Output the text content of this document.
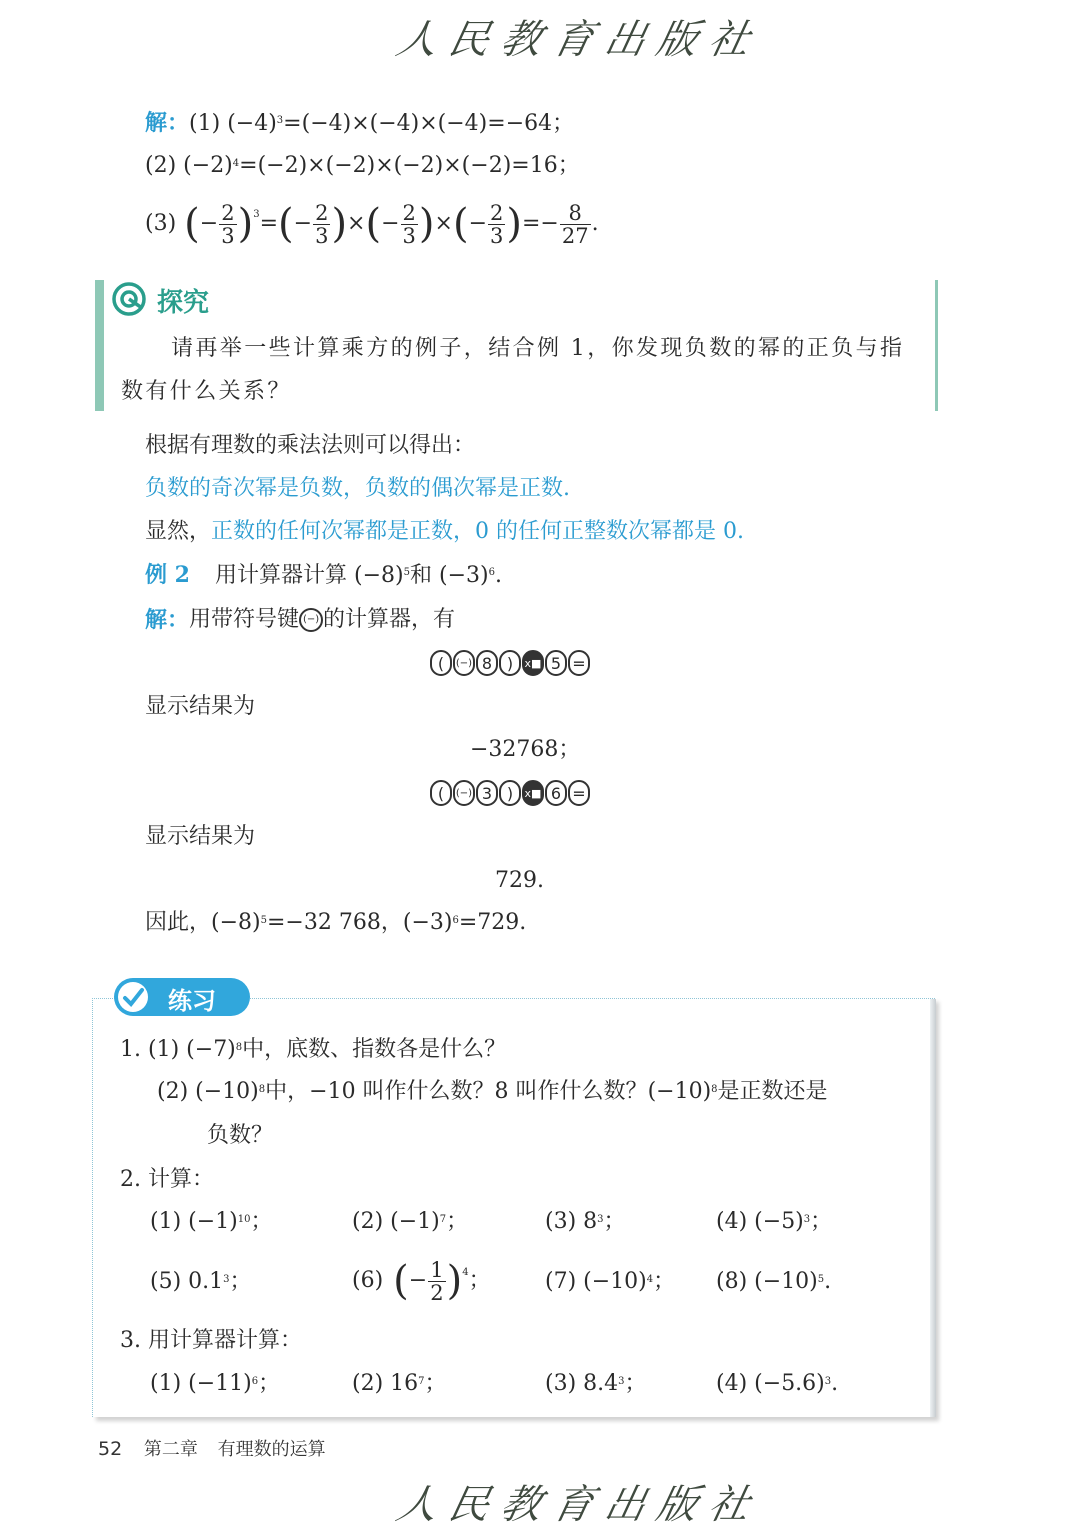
人民教育出版社
解：(1) $(-4)^3=(-4)\times(-4)\times(-4)=-64$；
(2) $(-2)^4=(-2)\times(-2)\times(-2)\times(-2)=16$；
(3) ( − $\frac{2}{3} )^3$ = ( − $\frac{2}{3}$ ) × ( − $\frac{2}{3}$ ) × ( − $\frac{2}{3}$ ) =− $\frac{8}{27}$ .
探究
请再举一些计算乘方的例子，结合例 1，你发现负数的幂的正负与指
数有什么关系？
根据有理数的乘法法则可以得出：
负数的奇次幂是负数，负数的偶次幂是正数.
显然，正数的任何次幂都是正数，0 的任何正整数次幂都是 0.
例 2 用计算器计算 $(-8)^5$和 $(-3)^6$.
解： 用带符号键 (−) 的计算器，有
(	(−) 8 )	x■ 5 =
显示结果为
−32768；
(	(−) 3 )	x■ 6 =
显示结果为
729.
因此，$(-8)^5=-32$ 768，$(-3)^6=729$.
练习
1. (1) $(-7)^8$中，底数、指数各是什么？
(2) $(-10)^8$中，−10 叫作什么数？8 叫作什么数？$(-10)^8$是正数还是
负数？
2. 计算：
(1) $(-1)^{10}$；	(2) $(-1)^7$；	(3) $8^3$；	(4) $(-5)^3$；
(5) $0.1^3$；	(6) ( − $\frac{1}{2} )^4$ ； (7) $(-10)^4$； (8) $(-10)^5$.
3. 用计算器计算：
(1) $(-11)^6$；	(2) $16^7$；	(3) $8.4^3$；	(4) $(-5.6)^3$.
52 第二章 有理数的运算
人民教育出版社
